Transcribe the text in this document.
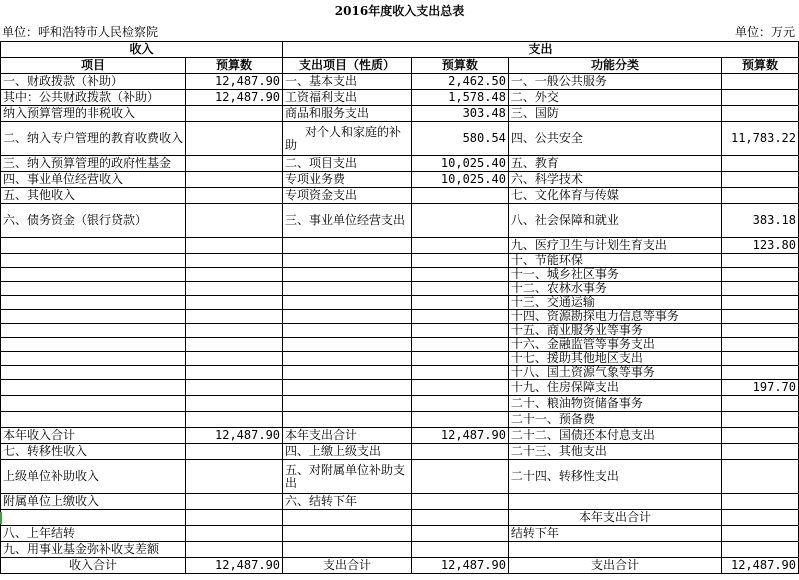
2016年度收入支出总表
单位：呼和浩特市人民检察院	单位：万元
收入		支出			
项目	预算数	支出项目（性质）	预算数	功能分类	预算数
一、财政拨款（补助）	12,487.90	一、基本支出	2,462.50	一、一般公共服务	
其中：公共财政拨款（补助）	12,487.90	工资福利支出	1,578.48	二、外交	
纳入预算管理的非税收入		商品和服务支出	303.48	三、国防	
二、纳入专户管理的教育收费收入		对个人和家庭的补助	580.54	四、公共安全	11,783.22
三、纳入预算管理的政府性基金		二、项目支出	10,025.40	五、教育	
四、事业单位经营收入		专项业务费	10,025.40	六、科学技术	
五、其他收入		专项资金支出		七、文化体育与传媒	
六、债务资金（银行贷款）		三、事业单位经营支出		八、社会保障和就业	383.18
				九、医疗卫生与计划生育支出	123.80
				十、节能环保	
				十一、城乡社区事务	
				十二、农林水事务	
				十三、交通运输	
				十四、资源勘探电力信息等事务	
				十五、商业服务业等事务	
				十六、金融监管等事务支出	
				十七、援助其他地区支出	
				十八、国土资源气象等事务	
				十九、住房保障支出	197.70
				二十、粮油物资储备事务	
				二十一、预备费	
本年收入合计	12,487.90	本年支出合计	12,487.90	二十二、国债还本付息支出	
七、转移性收入		四、上缴上级支出		二十三、其他支出	
上级单位补助收入		五、对附属单位补助支出		二十四、转移性支出	
附属单位上缴收入		六、结转下年			
				本年支出合计	
八、上年结转				结转下年	
九、用事业基金弥补收支差额					
收入合计	12,487.90	支出合计	12,487.90	支出合计	12,487.90
